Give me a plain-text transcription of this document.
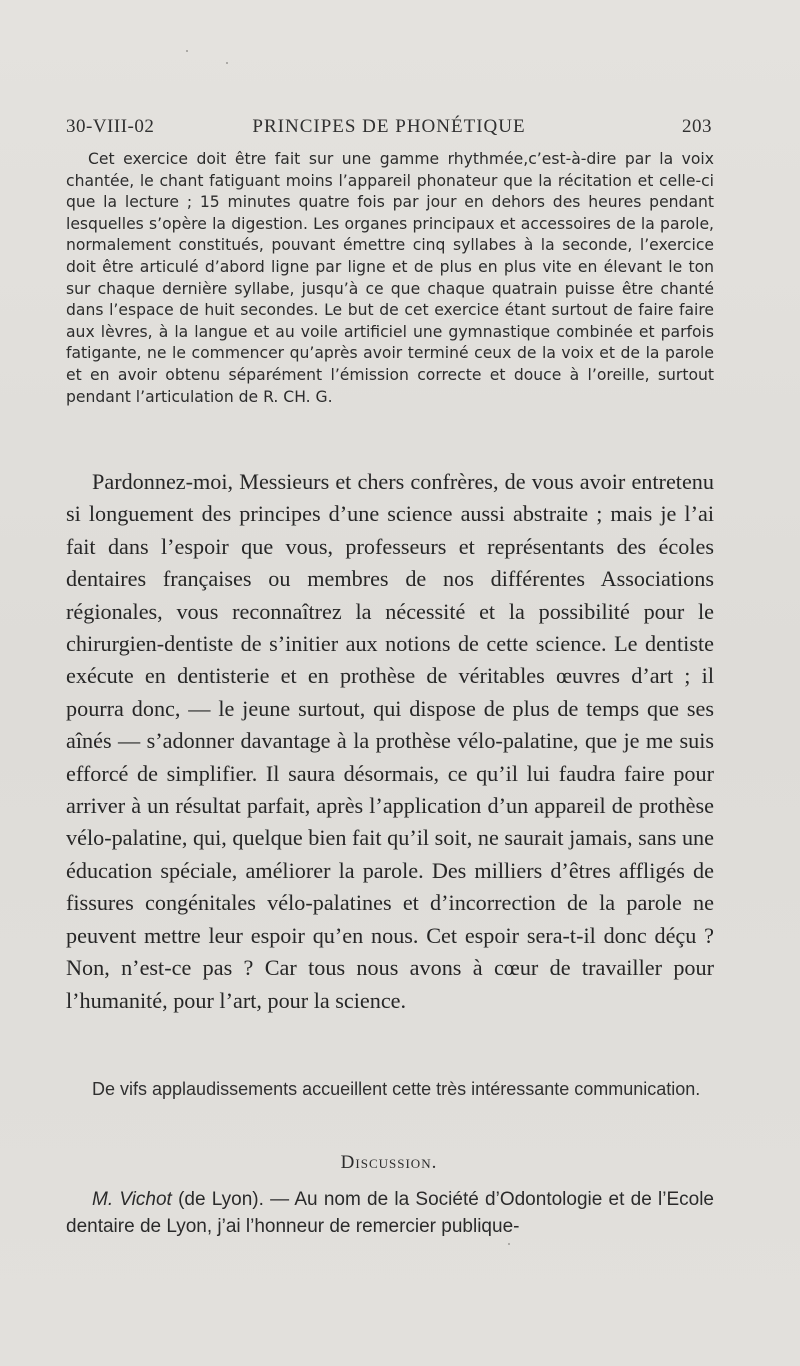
30-VIII-02	PRINCIPES DE PHONÉTIQUE	203

Cet exercice doit être fait sur une gamme rhythmée,c’est-à-dire par la voix chantée, le chant fatiguant moins l’appareil phonateur que la récitation et celle-ci que la lecture ; 15 minutes quatre fois par jour en dehors des heures pendant lesquelles s’opère la digestion. Les organes principaux et accessoires de la parole, normalement constitués, pouvant émettre cinq syllabes à la seconde, l’exercice doit être articulé d’abord ligne par ligne et de plus en plus vite en élevant le ton sur chaque dernière syllabe, jusqu’à ce que chaque quatrain puisse être chanté dans l’espace de huit secondes. Le but de cet exercice étant surtout de faire faire aux lèvres, à la langue et au voile artificiel une gymnastique combinée et parfois fatigante, ne le commencer qu’après avoir terminé ceux de la voix et de la parole et en avoir obtenu séparément l’émission correcte et douce à l’oreille, surtout pendant l’articulation de R. CH. G.

Pardonnez-moi, Messieurs et chers confrères, de vous avoir entretenu si longuement des principes d’une science aussi abstraite ; mais je l’ai fait dans l’espoir que vous, professeurs et représentants des écoles dentaires françaises ou membres de nos différentes Associations régionales, vous reconnaîtrez la nécessité et la possibilité pour le chirurgien-dentiste de s’initier aux notions de cette science. Le dentiste exécute en dentisterie et en prothèse de véritables œuvres d’art ; il pourra donc, — le jeune surtout, qui dispose de plus de temps que ses aînés — s’adonner davantage à la prothèse vélo-palatine, que je me suis efforcé de simplifier. Il saura désormais, ce qu’il lui faudra faire pour arriver à un résultat parfait, après l’application d’un appareil de prothèse vélo-palatine, qui, quelque bien fait qu’il soit, ne saurait jamais, sans une éducation spéciale, améliorer la parole. Des milliers d’êtres affligés de fissures congénitales vélo-palatines et d’incorrection de la parole ne peuvent mettre leur espoir qu’en nous. Cet espoir sera-t-il donc déçu ? Non, n’est-ce pas ? Car tous nous avons à cœur de travailler pour l’humanité, pour l’art, pour la science.

De vifs applaudissements accueillent cette très intéressante communication.

Discussion.

M. Vichot (de Lyon). — Au nom de la Société d’Odontologie et de l’Ecole dentaire de Lyon, j’ai l’honneur de remercier publique-
